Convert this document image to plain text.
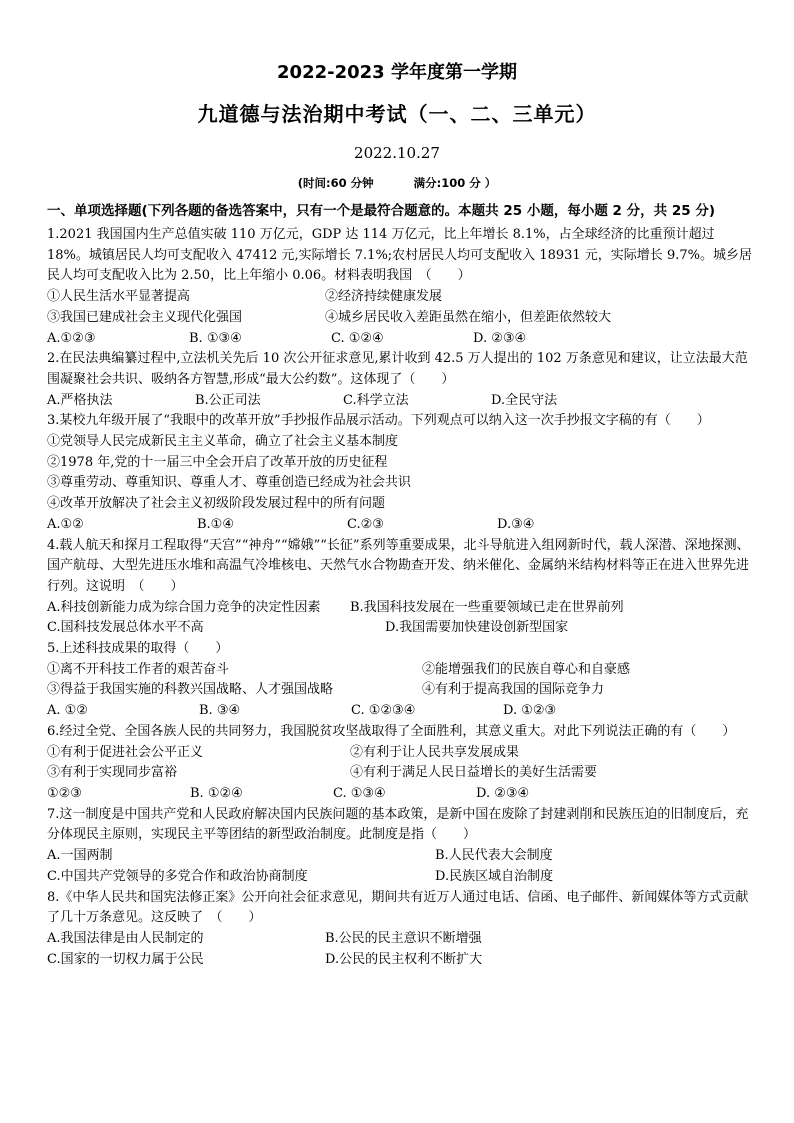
2022-2023 学年度第一学期
九道德与法治期中考试（一、二、三单元）
2022.10.27
(时间:60 分钟	满分:100 分 ）
一、单项选择题(下列各题的备选答案中，只有一个是最符合题意的。本题共 25 小题，每小题 2 分，共 25 分)
1.2021 我国国内生产总值实破 110 万亿元，GDP 达 114 万亿元，比上年增长 8.1%，占全球经济的比重预计超过 18%。城镇居民人均可支配收入 47412 元,实际增长 7.1%;农村居民人均可支配收入 18931 元，实际增长 9.7%。城乡居民人均可支配收入比为 2.50，比上年缩小 0.06。材料表明我国　（　　）
①人民生活水平显著提高	②经济持续健康发展
③我国已建成社会主义现代化强国	④城乡居民收入差距虽然在缩小，但差距依然较大
A.①②③	B. ①③④	C. ①②④	D. ②③④
2.在民法典编纂过程中,立法机关先后 10 次公开征求意见,累计收到 42.5 万人提出的 102 万条意见和建议，让立法最大范围凝聚社会共识、吸纳各方智慧,形成“最大公约数”。这体现了（　　）
A.严格执法	B.公正司法	C.科学立法	D.全民守法
3.某校九年级开展了“我眼中的改革开放”手抄报作品展示活动。下列观点可以纳入这一次手抄报文字稿的有（　　）
①党领导人民完成新民主主义革命，确立了社会主义基本制度
②1978 年,党的十一届三中全会开启了改革开放的历史征程
③尊重劳动、尊重知识、尊重人才、尊重创造已经成为社会共识
④改革开放解决了社会主义初级阶段发展过程中的所有问题
A.①②	B.①④	C.②③	D.③④
4.载人航天和探月工程取得“天宫”“神舟”“嫦娥”“长征”系列等重要成果，北斗导航进入组网新时代，载人深潜、深地探测、国产航母、大型先进压水堆和高温气冷堆核电、天然气水合物勘查开发、纳米催化、金属纳米结构材料等正在进入世界先进行列。这说明　（　　）
A.科技创新能力成为综合国力竞争的决定性因素	B.我国科技发展在一些重要领域已走在世界前列
C.国科技发展总体水平不高	D.我国需要加快建设创新型国家
5.上述科技成果的取得（　　）
①离不开科技工作者的艰苦奋斗	②能增强我们的民族自尊心和自豪感
③得益于我国实施的科教兴国战略、人才强国战略	④有利于提高我国的国际竞争力
A. ①②	B. ③④	C. ①②③④	D. ①②③
6.经过全党、全国各族人民的共同努力，我国脱贫攻坚战取得了全面胜利，其意义重大。对此下列说法正确的有（　　）
①有利于促进社会公平正义	②有利于让人民共享发展成果
③有利于实现同步富裕	④有利于满足人民日益增长的美好生活需要
①②③	B. ①②④	C. ①③④	D. ②③④
7.这一制度是中国共产党和人民政府解决国内民族问题的基本政策，是新中国在废除了封建剥削和民族压迫的旧制度后，充分体现民主原则，实现民主平等团结的新型政治制度。此制度是指（　　）
A.一国两制	B.人民代表大会制度
C.中国共产党领导的多党合作和政治协商制度	D.民族区域自治制度
8.《中华人民共和国宪法修正案》公开向社会征求意见，期间共有近万人通过电话、信函、电子邮件、新闻媒体等方式贡献了几十万条意见。这反映了　（　　）
A.我国法律是由人民制定的	B.公民的民主意识不断增强
C.国家的一切权力属于公民	D.公民的民主权利不断扩大
